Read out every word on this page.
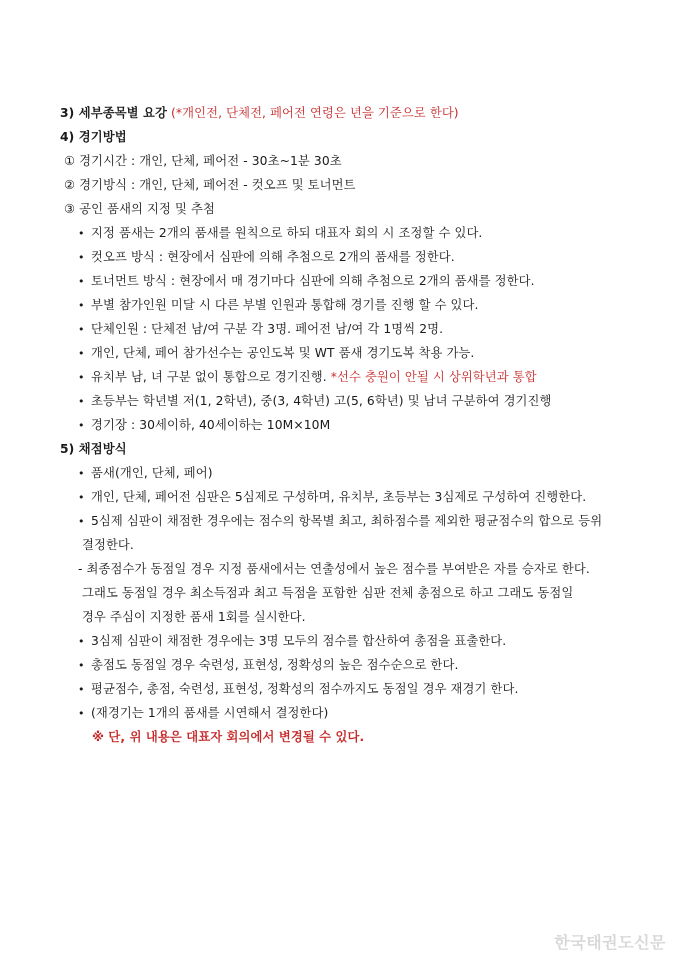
3) 세부종목별 요강 (*개인전, 단체전, 페어전 연령은 년을 기준으로 한다)
4) 경기방법
① 경기시간 : 개인, 단체, 페어전 - 30초~1분 30초
② 경기방식 : 개인, 단체, 페어전 - 컷오프 및 토너먼트
③ 공인 품새의 지정 및 추첨
• 지정 품새는 2개의 품새를 원칙으로 하되 대표자 회의 시 조정할 수 있다.
• 컷오프 방식 : 현장에서 심판에 의해 추첨으로 2개의 품새를 정한다.
• 토너먼트 방식 : 현장에서 매 경기마다 심판에 의해 추첨으로 2개의 품새를 정한다.
• 부별 참가인원 미달 시 다른 부별 인원과 통합해 경기를 진행 할 수 있다.
• 단체인원 : 단체전 남/여 구분 각 3명. 페어전 남/여 각 1명씩 2명.
• 개인, 단체, 페어 참가선수는 공인도복 및 WT 품새 경기도복 착용 가능.
• 유치부 남, 녀 구분 없이 통합으로 경기진행. *선수 충원이 안될 시 상위학년과 통합
• 초등부는 학년별 저(1, 2학년), 중(3, 4학년) 고(5, 6학년) 및 남녀 구분하여 경기진행
• 경기장 : 30세이하, 40세이하는 10M×10M
5) 채점방식
• 품새(개인, 단체, 페어)
• 개인, 단체, 페어전 심판은 5심제로 구성하며, 유치부, 초등부는 3심제로 구성하여 진행한다.
• 5심제 심판이 채점한 경우에는 점수의 항목별 최고, 최하점수를 제외한 평균점수의 합으로 등위
결정한다.
- 최종점수가 동점일 경우 지정 품새에서는 연출성에서 높은 점수를 부여받은 자를 승자로 한다.
그래도 동점일 경우 최소득점과 최고 득점을 포함한 심판 전체 총점으로 하고 그래도 동점일
경우 주심이 지정한 품새 1회를 실시한다.
• 3심제 심판이 채점한 경우에는 3명 모두의 점수를 합산하여 총점을 표출한다.
• 총점도 동점일 경우 숙련성, 표현성, 정확성의 높은 점수순으로 한다.
• 평균점수, 총점, 숙련성, 표현성, 정확성의 점수까지도 동점일 경우 재경기 한다.
• (재경기는 1개의 품새를 시연해서 결정한다)
※ 단, 위 내용은 대표자 회의에서 변경될 수 있다.
한국태권도신문
